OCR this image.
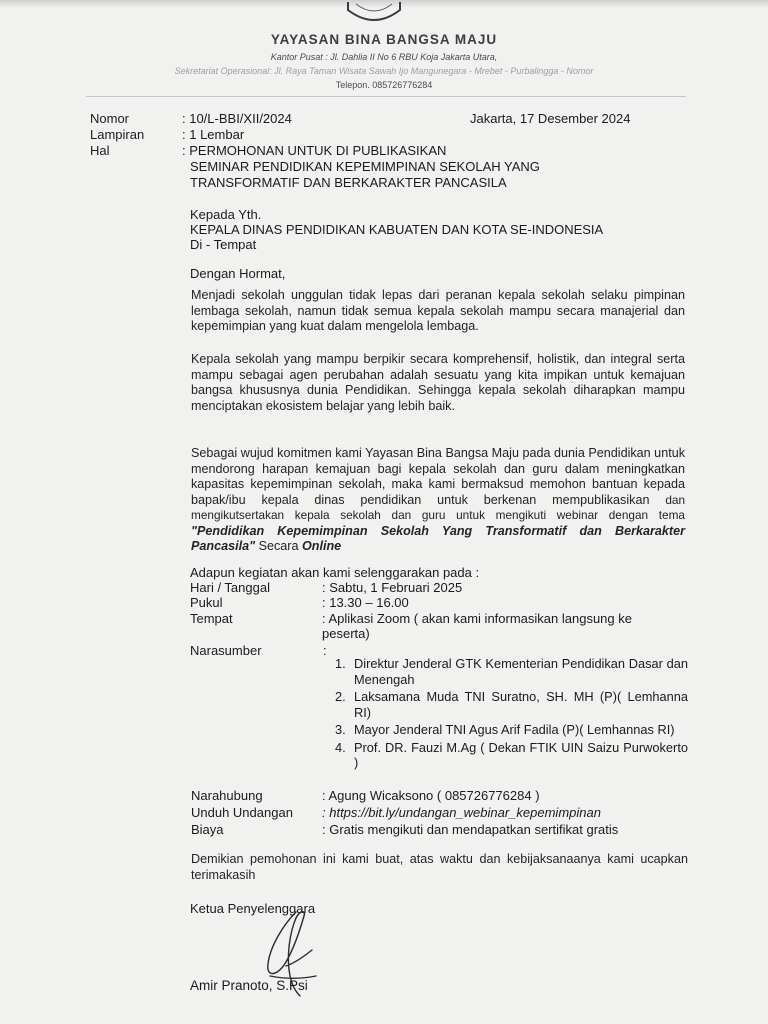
YAYASAN BINA BANGSA MAJU
Kantor Pusat : Jl. Dahlia II No 6 RBU Koja Jakarta Utara,
Sekretariat Operasional: Jl. Raya Taman Wisata Sawah Ijo Mangunegara - Mrebet - Purbalingga - Nomor
Telepon. 085726776284
Nomor	: 10/L-BBI/XII/2024	Jakarta, 17 Desember 2024
Lampiran	: 1 Lembar
Hal	: PERMOHONAN UNTUK DI PUBLIKASIKAN
SEMINAR PENDIDIKAN KEPEMIMPINAN SEKOLAH YANG
TRANSFORMATIF DAN BERKARAKTER PANCASILA
Kepada Yth.
KEPALA DINAS PENDIDIKAN KABUATEN DAN KOTA SE-INDONESIA
Di - Tempat
Dengan Hormat,

Menjadi sekolah unggulan tidak lepas dari peranan kepala sekolah selaku pimpinan lembaga sekolah, namun tidak semua kepala sekolah mampu secara manajerial dan kepemimpian yang kuat dalam mengelola lembaga.

Kepala sekolah yang mampu berpikir secara komprehensif, holistik, dan integral serta mampu sebagai agen perubahan adalah sesuatu yang kita impikan untuk kemajuan bangsa khususnya dunia Pendidikan. Sehingga kepala sekolah diharapkan mampu menciptakan ekosistem belajar yang lebih baik.

Sebagai wujud komitmen kami Yayasan Bina Bangsa Maju pada dunia Pendidikan untuk mendorong harapan kemajuan bagi kepala sekolah dan guru dalam meningkatkan kapasitas kepemimpinan sekolah, maka kami bermaksud memohon bantuan kepada bapak/ibu kepala dinas pendidikan untuk berkenan mempublikasikan dan mengikutsertakan kepala sekolah dan guru untuk mengikuti webinar dengan tema "Pendidikan Kepemimpinan Sekolah Yang Transformatif dan Berkarakter Pancasila" Secara Online

Adapun kegiatan akan kami selenggarakan pada :
Hari / Tanggal	: Sabtu, 1 Februari 2025
Pukul	: 13.30 – 16.00
Tempat	: Aplikasi Zoom ( akan kami informasikan langsung ke peserta)
Narasumber	:
1. Direktur Jenderal GTK Kementerian Pendidikan Dasar dan Menengah
2. Laksamana Muda TNI Suratno, SH. MH (P)( Lemhanna RI)
3. Mayor Jenderal TNI Agus Arif Fadila (P)( Lemhannas RI)
4. Prof. DR. Fauzi M.Ag ( Dekan FTIK UIN Saizu Purwokerto )
Narahubung	: Agung Wicaksono ( 085726776284 )
Unduh Undangan : https://bit.ly/undangan_webinar_kepemimpinan
Biaya	: Gratis mengikuti dan mendapatkan sertifikat gratis

Demikian pemohonan ini kami buat, atas waktu dan kebijaksanaanya kami ucapkan terimakasih

Ketua Penyelenggara
Amir Pranoto, S.Psi
